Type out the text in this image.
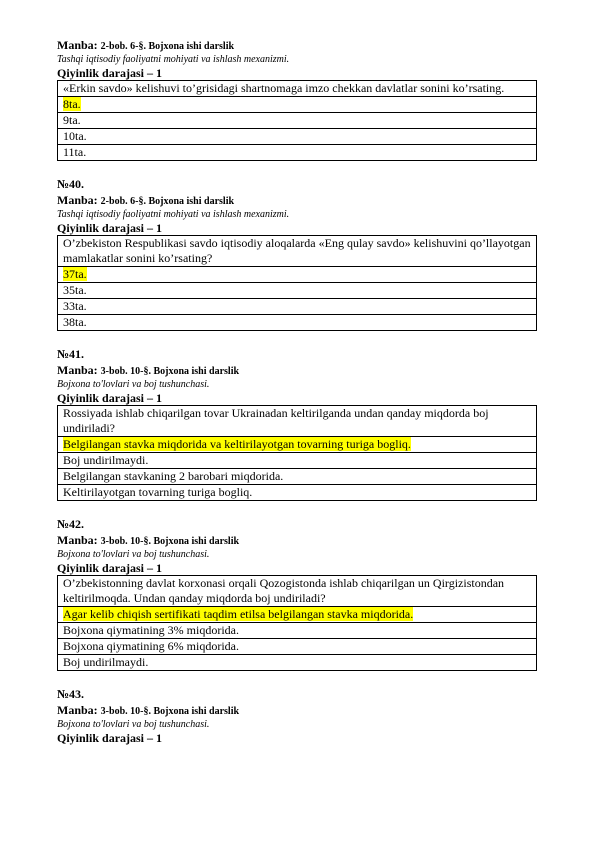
Manba: 2-bob. 6-§. Bojxona ishi darslik
Tashqi iqtisodiy faoliyatni mohiyati va ishlash mexanizmi.
Qiyinlik darajasi – 1
«Erkin savdo» kelishuvi to’grisidagi shartnomaga imzo chekkan davlatlar sonini ko’rsating.
8ta.
9ta.
10ta.
11ta.
№40.
Manba: 2-bob. 6-§. Bojxona ishi darslik
Tashqi iqtisodiy faoliyatni mohiyati va ishlash mexanizmi.
Qiyinlik darajasi – 1
O’zbekiston Respublikasi savdo iqtisodiy aloqalarda «Eng qulay savdo» kelishuvini qo’llayotgan mamlakatlar sonini ko’rsating?
37ta.
35ta.
33ta.
38ta.
№41.
Manba: 3-bob. 10-§. Bojxona ishi darslik
Bojxona to'lovlari va boj tushunchasi.
Qiyinlik darajasi – 1
Rossiyada ishlab chiqarilgan tovar Ukrainadan keltirilganda undan qanday miqdorda boj undiriladi?
Belgilangan stavka miqdorida va keltirilayotgan tovarning turiga bogliq.
Boj undirilmaydi.
Belgilangan stavkaning 2 barobari miqdorida.
Keltirilayotgan tovarning turiga bogliq.
№42.
Manba: 3-bob. 10-§. Bojxona ishi darslik
Bojxona to'lovlari va boj tushunchasi.
Qiyinlik darajasi – 1
O’zbekistonning davlat korxonasi orqali Qozogistonda ishlab chiqarilgan un Qirgizistondan keltirilmoqda. Undan qanday miqdorda boj undiriladi?
Agar kelib chiqish sertifikati taqdim etilsa belgilangan stavka miqdorida.
Bojxona qiymatining 3% miqdorida.
Bojxona qiymatining 6% miqdorida.
Boj undirilmaydi.
№43.
Manba: 3-bob. 10-§. Bojxona ishi darslik
Bojxona to'lovlari va boj tushunchasi.
Qiyinlik darajasi – 1
